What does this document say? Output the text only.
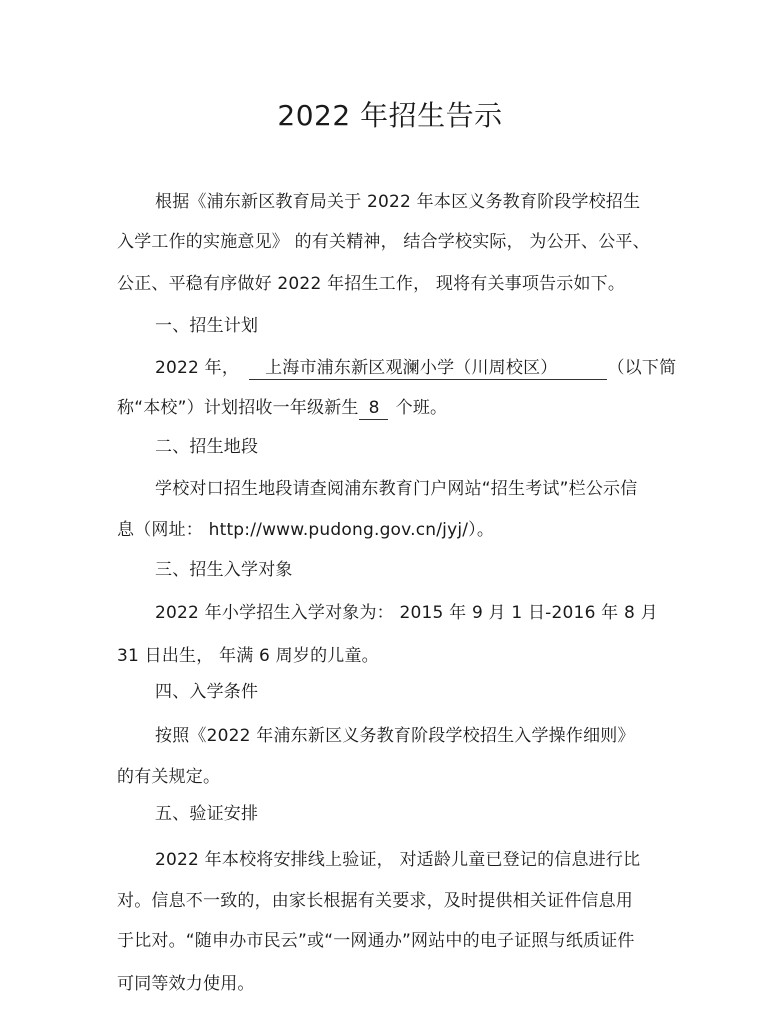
2022 年招生告示
根据《浦东新区教育局关于 2022 年本区义务教育阶段学校招生
入学工作的实施意见》 的有关精神， 结合学校实际， 为公开、公平、
公正、平稳有序做好 2022 年招生工作， 现将有关事项告示如下。
一、招生计划
2022 年， 上海市浦东新区观澜小学（川周校区）	（以下简
称“本校”）计划招收一年级新生 8 个班。
二、招生地段
学校对口招生地段请查阅浦东教育门户网站“招生考试”栏公示信
息（网址： http://www.pudong.gov.cn/jyj/）。
三、招生入学对象
2022 年小学招生入学对象为： 2015 年 9 月 1 日-2016 年 8 月
31 日出生， 年满 6 周岁的儿童。
四、入学条件
按照《2022 年浦东新区义务教育阶段学校招生入学操作细则》
的有关规定。
五、验证安排
2022 年本校将安排线上验证， 对适龄儿童已登记的信息进行比
对。信息不一致的，由家长根据有关要求，及时提供相关证件信息用
于比对。“随申办市民云”或“一网通办”网站中的电子证照与纸质证件
可同等效力使用。
